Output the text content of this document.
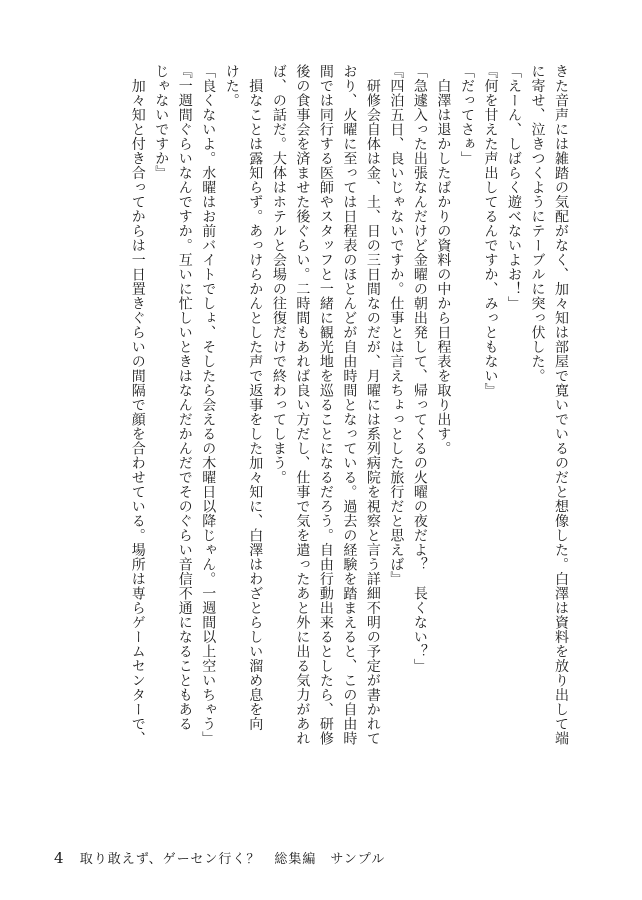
きた音声には雑踏の気配がなく、加々知は部屋で寛いでいるのだと想像した。白澤は資料を放り出して端
に寄せ、泣きつくようにテーブルに突っ伏した。
「えーん、しばらく遊べないよお！」
『何を甘えた声出してるんですか、みっともない』
「だってさぁ」
　白澤は退かしたばかりの資料の中から日程表を取り出す。
「急遽入った出張なんだけど金曜の朝出発して、帰ってくるの火曜の夜だよ？　長くない？」
『四泊五日、良いじゃないですか。仕事とは言えちょっとした旅行だと思えば』
　研修会自体は金、土、日の三日間なのだが、月曜には系列病院を視察と言う詳細不明の予定が書かれて
おり、火曜に至っては日程表のほとんどが自由時間となっている。過去の経験を踏まえると、この自由時
間では同行する医師やスタッフと一緒に観光地を巡ることになるだろう。自由行動出来るとしたら、研修
後の食事会を済ませた後ぐらい。二時間もあれば良い方だし、仕事で気を遣ったあと外に出る気力があれ
ば、の話だ。大体はホテルと会場の往復だけで終わってしまう。
　損なことは露知らず。あっけらかんとした声で返事をした加々知に、白澤はわざとらしい溜め息を向
けた。
「良くないよ。水曜はお前バイトでしょ、そしたら会えるの木曜日以降じゃん。一週間以上空いちゃう」
『一週間ぐらいなんですか。互いに忙しいときはなんだかんだでそのぐらい音信不通になることもある
じゃないですか』
　加々知と付き合ってからは一日置きぐらいの間隔で顔を合わせている。場所は専らゲームセンターで、
4 取り敢えず、ゲーセン行く？　総集編　サンプル
